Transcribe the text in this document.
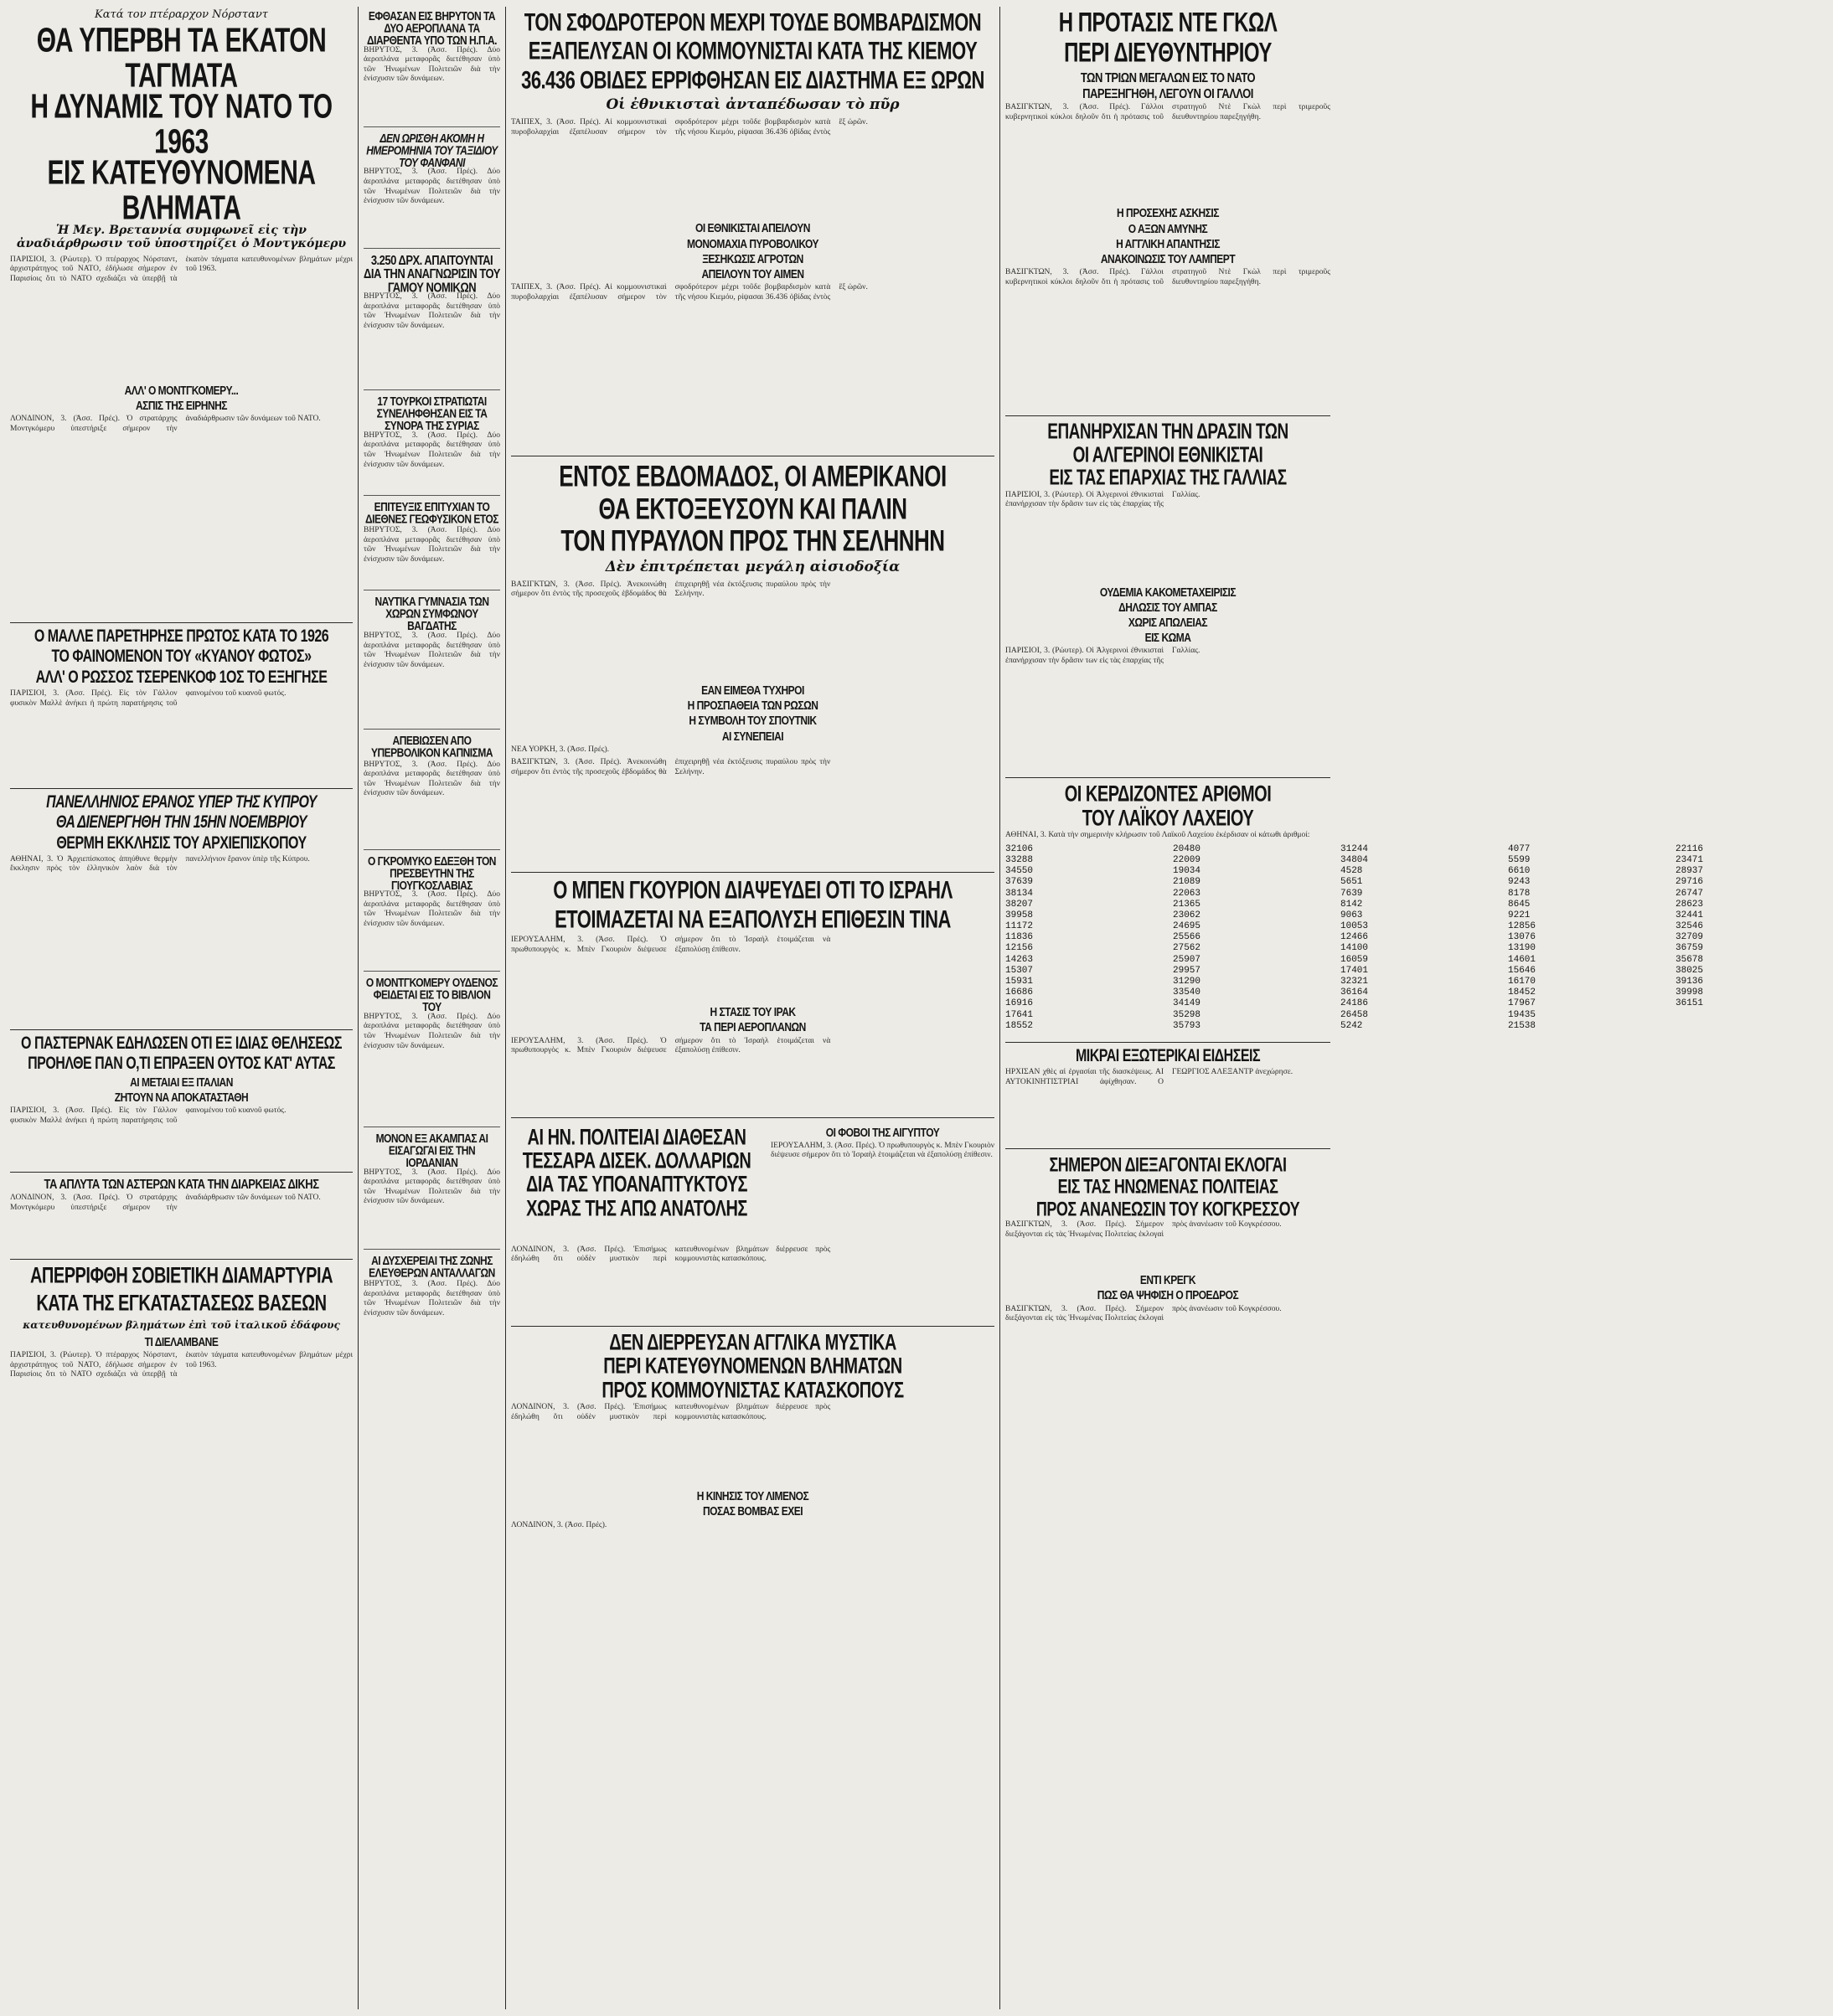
Κατά τον πτέραρχον Νόρσταντ
ΘΑ ΥΠΕΡΒΗ ΤΑ ΕΚΑΤΟΝ ΤΑΓΜΑΤΑ
Η ΔΥΝΑΜΙΣ ΤΟΥ ΝΑΤΟ ΤΟ 1963
ΕΙΣ ΚΑΤΕΥΘΥΝΟΜΕΝΑ ΒΛΗΜΑΤΑ
Ἡ Μεγ. Βρεταννία συμφωνεῖ εἰς τὴν ἀναδιάρθρωσιν τοῦ ὑποστηρίζει ὁ Μοντγκόμερυ
ΠΑΡΙΣΙΟΙ, 3. (Ρώυτερ). Ὁ πτέραρχος Νόρσταντ, ἀρχιστράτηγος τοῦ ΝΑΤΟ, ἐδήλωσε σήμερον ἐν Παρισίοις ὅτι τὸ ΝΑΤΟ σχεδιάζει νὰ ὑπερβῇ τὰ ἑκατὸν τάγματα κατευθυνομένων βλημάτων μέχρι τοῦ 1963.
ΑΛΛ' Ο ΜΟΝΤΓΚΟΜΕΡΥ...
ΑΣΠΙΣ ΤΗΣ ΕΙΡΗΝΗΣ
ΛΟΝΔΙΝΟΝ, 3. (Ἀσσ. Πρές). Ὁ στρατάρχης Μοντγκόμερυ ὑπεστήριξε σήμερον τὴν ἀναδιάρθρωσιν τῶν δυνάμεων τοῦ ΝΑΤΟ.
Ο ΜΑΛΛΕ ΠΑΡΕΤΗΡΗΣΕ ΠΡΩΤΟΣ ΚΑΤΑ ΤΟ 1926
ΤΟ ΦΑΙΝΟΜΕΝΟΝ ΤΟΥ «ΚΥΑΝΟΥ ΦΩΤΟΣ»
ΑΛΛ' Ο ΡΩΣΣΟΣ ΤΣΕΡΕΝΚΟΦ 1ΟΣ ΤΟ ΕΞΗΓΗΣΕ
ΠΑΡΙΣΙΟΙ, 3. (Ἀσσ. Πρές). Εἰς τὸν Γάλλον φυσικὸν Μαλλὲ ἀνήκει ἡ πρώτη παρατήρησις τοῦ φαινομένου τοῦ κυανοῦ φωτός.
ΠΑΝΕΛΛΗΝΙΟΣ ΕΡΑΝΟΣ ΥΠΕΡ ΤΗΣ ΚΥΠΡΟΥ
ΘΑ ΔΙΕΝΕΡΓΗΘΗ ΤΗΝ 15ΗΝ ΝΟΕΜΒΡΙΟΥ
ΘΕΡΜΗ ΕΚΚΛΗΣΙΣ ΤΟΥ ΑΡΧΙΕΠΙΣΚΟΠΟΥ
ΑΘΗΝΑΙ, 3. Ὁ Ἀρχιεπίσκοπος ἀπηύθυνε θερμὴν ἔκκλησιν πρὸς τὸν ἑλληνικὸν λαὸν διὰ τὸν πανελλήνιον ἔρανον ὑπὲρ τῆς Κύπρου.
Ο ΠΑΣΤΕΡΝΑΚ ΕΔΗΛΩΣΕΝ ΟΤΙ ΕΞ ΙΔΙΑΣ ΘΕΛΗΣΕΩΣ
ΠΡΟΗΛΘΕ ΠΑΝ Ο,ΤΙ ΕΠΡΑΞΕΝ ΟΥΤΟΣ ΚΑΤ' ΑΥΤΑΣ
ΑΙ ΜΕΤΑΙΑΙ ΕΞ ΙΤΑΛΙΑΝ
ΖΗΤΟΥΝ ΝΑ ΑΠΟΚΑΤΑΣΤΑΘΗ
ΠΑΡΙΣΙΟΙ, 3. (Ἀσσ. Πρές). Εἰς τὸν Γάλλον φυσικὸν Μαλλὲ ἀνήκει ἡ πρώτη παρατήρησις τοῦ φαινομένου τοῦ κυανοῦ φωτός.
ΤΑ ΑΠΛΥΤΑ ΤΩΝ ΑΣΤΕΡΩΝ ΚΑΤΑ ΤΗΝ ΔΙΑΡΚΕΙΑΣ ΔΙΚΗΣ
ΛΟΝΔΙΝΟΝ, 3. (Ἀσσ. Πρές). Ὁ στρατάρχης Μοντγκόμερυ ὑπεστήριξε σήμερον τὴν ἀναδιάρθρωσιν τῶν δυνάμεων τοῦ ΝΑΤΟ.
ΑΠΕΡΡΙΦΘΗ ΣΟΒΙΕΤΙΚΗ ΔΙΑΜΑΡΤΥΡΙΑ
ΚΑΤΑ ΤΗΣ ΕΓΚΑΤΑΣΤΑΣΕΩΣ ΒΑΣΕΩΝ
κατευθυνομένων βλημάτων ἐπὶ τοῦ ἰταλικοῦ ἐδάφους
ΤΙ ΔΙΕΛΑΜΒΑΝΕ
ΠΑΡΙΣΙΟΙ, 3. (Ρώυτερ). Ὁ πτέραρχος Νόρσταντ, ἀρχιστράτηγος τοῦ ΝΑΤΟ, ἐδήλωσε σήμερον ἐν Παρισίοις ὅτι τὸ ΝΑΤΟ σχεδιάζει νὰ ὑπερβῇ τὰ ἑκατὸν τάγματα κατευθυνομένων βλημάτων μέχρι τοῦ 1963.
ΕΦΘΑΣΑΝ ΕΙΣ ΒΗΡΥΤΟΝ ΤΑ ΔΥΟ ΑΕΡΟΠΛΑΝΑ ΤΑ ΔΙΑΡΘΕΝΤΑ ΥΠΟ ΤΩΝ Η.Π.Α.
ΒΗΡΥΤΟΣ, 3. (Ἀσσ. Πρές). Δύο ἀεροπλάνα μεταφορᾶς διετέθησαν ὑπὸ τῶν Ἡνωμένων Πολιτειῶν διὰ τὴν ἐνίσχυσιν τῶν δυνάμεων.
ΔΕΝ ΩΡΙΣΘΗ ΑΚΟΜΗ Η ΗΜΕΡΟΜΗΝΙΑ ΤΟΥ ΤΑΞΙΔΙΟΥ ΤΟΥ ΦΑΝΦΑΝΙ
ΒΗΡΥΤΟΣ, 3. (Ἀσσ. Πρές). Δύο ἀεροπλάνα μεταφορᾶς διετέθησαν ὑπὸ τῶν Ἡνωμένων Πολιτειῶν διὰ τὴν ἐνίσχυσιν τῶν δυνάμεων.
3.250 ΔΡΧ. ΑΠΑΙΤΟΥΝΤΑΙ ΔΙΑ ΤΗΝ ΑΝΑΓΝΩΡΙΣΙΝ ΤΟΥ ΓΑΜΟΥ ΝΟΜΙΚΩΝ
ΒΗΡΥΤΟΣ, 3. (Ἀσσ. Πρές). Δύο ἀεροπλάνα μεταφορᾶς διετέθησαν ὑπὸ τῶν Ἡνωμένων Πολιτειῶν διὰ τὴν ἐνίσχυσιν τῶν δυνάμεων.
17 ΤΟΥΡΚΟΙ ΣΤΡΑΤΙΩΤΑΙ ΣΥΝΕΛΗΦΘΗΣΑΝ ΕΙΣ ΤΑ ΣΥΝΟΡΑ ΤΗΣ ΣΥΡΙΑΣ
ΒΗΡΥΤΟΣ, 3. (Ἀσσ. Πρές). Δύο ἀεροπλάνα μεταφορᾶς διετέθησαν ὑπὸ τῶν Ἡνωμένων Πολιτειῶν διὰ τὴν ἐνίσχυσιν τῶν δυνάμεων.
ΕΠΙΤΕΥΞΙΣ ΕΠΙΤΥΧΙΑΝ ΤΟ ΔΙΕΘΝΕΣ ΓΕΩΦΥΣΙΚΟΝ ΕΤΟΣ
ΒΗΡΥΤΟΣ, 3. (Ἀσσ. Πρές). Δύο ἀεροπλάνα μεταφορᾶς διετέθησαν ὑπὸ τῶν Ἡνωμένων Πολιτειῶν διὰ τὴν ἐνίσχυσιν τῶν δυνάμεων.
ΝΑΥΤΙΚΑ ΓΥΜΝΑΣΙΑ ΤΩΝ ΧΩΡΩΝ ΣΥΜΦΩΝΟΥ ΒΑΓΔΑΤΗΣ
ΒΗΡΥΤΟΣ, 3. (Ἀσσ. Πρές). Δύο ἀεροπλάνα μεταφορᾶς διετέθησαν ὑπὸ τῶν Ἡνωμένων Πολιτειῶν διὰ τὴν ἐνίσχυσιν τῶν δυνάμεων.
ΑΠΕΒΙΩΣΕΝ ΑΠΟ ΥΠΕΡΒΟΛΙΚΟΝ ΚΑΠΝΙΣΜΑ
ΒΗΡΥΤΟΣ, 3. (Ἀσσ. Πρές). Δύο ἀεροπλάνα μεταφορᾶς διετέθησαν ὑπὸ τῶν Ἡνωμένων Πολιτειῶν διὰ τὴν ἐνίσχυσιν τῶν δυνάμεων.
Ο ΓΚΡΟΜΥΚΟ ΕΔΕΞΘΗ ΤΟΝ ΠΡΕΣΒΕΥΤΗΝ ΤΗΣ ΓΙΟΥΓΚΟΣΛΑΒΙΑΣ
ΒΗΡΥΤΟΣ, 3. (Ἀσσ. Πρές). Δύο ἀεροπλάνα μεταφορᾶς διετέθησαν ὑπὸ τῶν Ἡνωμένων Πολιτειῶν διὰ τὴν ἐνίσχυσιν τῶν δυνάμεων.
Ο ΜΟΝΤΓΚΟΜΕΡΥ ΟΥΔΕΝΟΣ ΦΕΙΔΕΤΑΙ ΕΙΣ ΤΟ ΒΙΒΛΙΟΝ ΤΟΥ
ΒΗΡΥΤΟΣ, 3. (Ἀσσ. Πρές). Δύο ἀεροπλάνα μεταφορᾶς διετέθησαν ὑπὸ τῶν Ἡνωμένων Πολιτειῶν διὰ τὴν ἐνίσχυσιν τῶν δυνάμεων.
ΜΟΝΟΝ ΕΞ ΑΚΑΜΠΑΣ ΑΙ ΕΙΣΑΓΩΓΑΙ ΕΙΣ ΤΗΝ ΙΟΡΔΑΝΙΑΝ
ΒΗΡΥΤΟΣ, 3. (Ἀσσ. Πρές). Δύο ἀεροπλάνα μεταφορᾶς διετέθησαν ὑπὸ τῶν Ἡνωμένων Πολιτειῶν διὰ τὴν ἐνίσχυσιν τῶν δυνάμεων.
ΑΙ ΔΥΣΧΕΡΕΙΑΙ ΤΗΣ ΖΩΝΗΣ ΕΛΕΥΘΕΡΩΝ ΑΝΤΑΛΛΑΓΩΝ
ΒΗΡΥΤΟΣ, 3. (Ἀσσ. Πρές). Δύο ἀεροπλάνα μεταφορᾶς διετέθησαν ὑπὸ τῶν Ἡνωμένων Πολιτειῶν διὰ τὴν ἐνίσχυσιν τῶν δυνάμεων.
ΤΟΝ ΣΦΟΔΡΟΤΕΡΟΝ ΜΕΧΡΙ ΤΟΥΔΕ ΒΟΜΒΑΡΔΙΣΜΟΝ
ΕΞΑΠΕΛΥΣΑΝ ΟΙ ΚΟΜΜΟΥΝΙΣΤΑΙ ΚΑΤΑ ΤΗΣ ΚΙΕΜΟΥ
36.436 ΟΒΙΔΕΣ ΕΡΡΙΦΘΗΣΑΝ ΕΙΣ ΔΙΑΣΤΗΜΑ ΕΞ ΩΡΩΝ
Οἱ ἐθνικισταὶ ἀνταπέδωσαν τὸ πῦρ
ΤΑΙΠΕΧ, 3. (Ἀσσ. Πρές). Αἱ κομμουνιστικαὶ πυροβολαρχίαι ἐξαπέλυσαν σήμερον τὸν σφοδρότερον μέχρι τοῦδε βομβαρδισμὸν κατὰ τῆς νήσου Κιεμόυ, ρίψασαι 36.436 ὀβίδας ἐντὸς ἓξ ὡρῶν.
ΟΙ ΕΘΝΙΚΙΣΤΑΙ ΑΠΕΙΛΟΥΝ
ΜΟΝΟΜΑΧΙΑ ΠΥΡΟΒΟΛΙΚΟΥ
ΞΕΣΗΚΩΣΙΣ ΑΓΡΟΤΩΝ
ΑΠΕΙΛΟΥΝ ΤΟΥ ΑΙΜΕΝ
ΤΑΙΠΕΧ, 3. (Ἀσσ. Πρές). Αἱ κομμουνιστικαὶ πυροβολαρχίαι ἐξαπέλυσαν σήμερον τὸν σφοδρότερον μέχρι τοῦδε βομβαρδισμὸν κατὰ τῆς νήσου Κιεμόυ, ρίψασαι 36.436 ὀβίδας ἐντὸς ἓξ ὡρῶν.
ΕΝΤΟΣ ΕΒΔΟΜΑΔΟΣ, ΟΙ ΑΜΕΡΙΚΑΝΟΙ
ΘΑ ΕΚΤΟΞΕΥΣΟΥΝ ΚΑΙ ΠΑΛΙΝ
ΤΟΝ ΠΥΡΑΥΛΟΝ ΠΡΟΣ ΤΗΝ ΣΕΛΗΝΗΝ
Δὲν ἐπιτρέπεται μεγάλη αἰσιοδοξία
ΒΑΣΙΓΚΤΩΝ, 3. (Ἀσσ. Πρές). Ἀνεκοινώθη σήμερον ὅτι ἐντὸς τῆς προσεχοῦς ἑβδομάδος θὰ ἐπιχειρηθῇ νέα ἐκτόξευσις πυραύλου πρὸς τὴν Σελήνην.
ΕΑΝ ΕΙΜΕΘΑ ΤΥΧΗΡΟΙ
Η ΠΡΟΣΠΑΘΕΙΑ ΤΩΝ ΡΩΣΩΝ
Η ΣΥΜΒΟΛΗ ΤΟΥ ΣΠΟΥΤΝΙΚ
ΑΙ ΣΥΝΕΠΕΙΑΙ
ΝΕΑ ΥΟΡΚΗ, 3. (Ἀσσ. Πρές).
ΒΑΣΙΓΚΤΩΝ, 3. (Ἀσσ. Πρές). Ἀνεκοινώθη σήμερον ὅτι ἐντὸς τῆς προσεχοῦς ἑβδομάδος θὰ ἐπιχειρηθῇ νέα ἐκτόξευσις πυραύλου πρὸς τὴν Σελήνην.
Ο ΜΠΕΝ ΓΚΟΥΡΙΟΝ ΔΙΑΨΕΥΔΕΙ ΟΤΙ ΤΟ ΙΣΡΑΗΛ
ΕΤΟΙΜΑΖΕΤΑΙ ΝΑ ΕΞΑΠΟΛΥΣΗ ΕΠΙΘΕΣΙΝ ΤΙΝΑ
ΙΕΡΟΥΣΑΛΗΜ, 3. (Ἀσσ. Πρές). Ὁ πρωθυπουργὸς κ. Μπὲν Γκουριὸν διέψευσε σήμερον ὅτι τὸ Ἰσραὴλ ἑτοιμάζεται νὰ ἐξαπολύσῃ ἐπίθεσιν.
Η ΣΤΑΣΙΣ ΤΟΥ ΙΡΑΚ
ΤΑ ΠΕΡΙ ΑΕΡΟΠΛΑΝΩΝ
ΙΕΡΟΥΣΑΛΗΜ, 3. (Ἀσσ. Πρές). Ὁ πρωθυπουργὸς κ. Μπὲν Γκουριὸν διέψευσε σήμερον ὅτι τὸ Ἰσραὴλ ἑτοιμάζεται νὰ ἐξαπολύσῃ ἐπίθεσιν.
ΑΙ ΗΝ. ΠΟΛΙΤΕΙΑΙ ΔΙΑΘΕΣΑΝ
ΤΕΣΣΑΡΑ ΔΙΣΕΚ. ΔΟΛΛΑΡΙΩΝ
ΔΙΑ ΤΑΣ ΥΠΟΑΝΑΠΤΥΚΤΟΥΣ
ΧΩΡΑΣ ΤΗΣ ΑΠΩ ΑΝΑΤΟΛΗΣ
ΟΙ ΦΟΒΟΙ ΤΗΣ ΑΙΓΥΠΤΟΥ
ΙΕΡΟΥΣΑΛΗΜ, 3. (Ἀσσ. Πρές). Ὁ πρωθυπουργὸς κ. Μπὲν Γκουριὸν διέψευσε σήμερον ὅτι τὸ Ἰσραὴλ ἑτοιμάζεται νὰ ἐξαπολύσῃ ἐπίθεσιν.
ΛΟΝΔΙΝΟΝ, 3. (Ἀσσ. Πρές). Ἐπισήμως ἐδηλώθη ὅτι οὐδὲν μυστικὸν περὶ κατευθυνομένων βλημάτων διέρρευσε πρὸς κομμουνιστὰς κατασκόπους.
ΔΕΝ ΔΙΕΡΡΕΥΣΑΝ ΑΓΓΛΙΚΑ ΜΥΣΤΙΚΑ
ΠΕΡΙ ΚΑΤΕΥΘΥΝΟΜΕΝΩΝ ΒΛΗΜΑΤΩΝ
ΠΡΟΣ ΚΟΜΜΟΥΝΙΣΤΑΣ ΚΑΤΑΣΚΟΠΟΥΣ
ΛΟΝΔΙΝΟΝ, 3. (Ἀσσ. Πρές). Ἐπισήμως ἐδηλώθη ὅτι οὐδὲν μυστικὸν περὶ κατευθυνομένων βλημάτων διέρρευσε πρὸς κομμουνιστὰς κατασκόπους.
Η ΚΙΝΗΣΙΣ ΤΟΥ ΛΙΜΕΝΟΣ
ΠΟΣΑΣ ΒΟΜΒΑΣ ΕΧΕΙ
ΛΟΝΔΙΝΟΝ, 3. (Ἀσσ. Πρές).
Η ΠΡΟΤΑΣΙΣ ΝΤΕ ΓΚΩΛ
ΠΕΡΙ ΔΙΕΥΘΥΝΤΗΡΙΟΥ
ΤΩΝ ΤΡΙΩΝ ΜΕΓΑΛΩΝ ΕΙΣ ΤΟ ΝΑΤΟ
ΠΑΡΕΞΗΓΗΘΗ, ΛΕΓΟΥΝ ΟΙ ΓΑΛΛΟΙ
ΒΑΣΙΓΚΤΩΝ, 3. (Ἀσσ. Πρές). Γάλλοι κυβερνητικοὶ κύκλοι δηλοῦν ὅτι ἡ πρότασις τοῦ στρατηγοῦ Ντὲ Γκὼλ περὶ τριμεροῦς διευθυντηρίου παρεξηγήθη.
Η ΠΡΟΣΕΧΗΣ ΑΣΚΗΣΙΣ
Ο ΑΞΩΝ ΑΜΥΝΗΣ
Η ΑΓΓΛΙΚΗ ΑΠΑΝΤΗΣΙΣ
ΑΝΑΚΟΙΝΩΣΙΣ ΤΟΥ ΛΑΜΠΕΡΤ
ΒΑΣΙΓΚΤΩΝ, 3. (Ἀσσ. Πρές). Γάλλοι κυβερνητικοὶ κύκλοι δηλοῦν ὅτι ἡ πρότασις τοῦ στρατηγοῦ Ντὲ Γκὼλ περὶ τριμεροῦς διευθυντηρίου παρεξηγήθη.
ΕΠΑΝΗΡΧΙΣΑΝ ΤΗΝ ΔΡΑΣΙΝ ΤΩΝ
ΟΙ ΑΛΓΕΡΙΝΟΙ ΕΘΝΙΚΙΣΤΑΙ
ΕΙΣ ΤΑΣ ΕΠΑΡΧΙΑΣ ΤΗΣ ΓΑΛΛΙΑΣ
ΠΑΡΙΣΙΟΙ, 3. (Ρώυτερ). Οἱ Ἀλγερινοὶ ἐθνικισταὶ ἐπανήρχισαν τὴν δρᾶσιν των εἰς τὰς ἐπαρχίας τῆς Γαλλίας.
ΟΥΔΕΜΙΑ ΚΑΚΟΜΕΤΑΧΕΙΡΙΣΙΣ
ΔΗΛΩΣΙΣ ΤΟΥ ΑΜΠΑΣ
ΧΩΡΙΣ ΑΠΩΛΕΙΑΣ
ΕΙΣ ΚΩΜΑ
ΠΑΡΙΣΙΟΙ, 3. (Ρώυτερ). Οἱ Ἀλγερινοὶ ἐθνικισταὶ ἐπανήρχισαν τὴν δρᾶσιν των εἰς τὰς ἐπαρχίας τῆς Γαλλίας.
ΟΙ ΚΕΡΔΙΖΟΝΤΕΣ ΑΡΙΘΜΟΙ
ΤΟΥ ΛΑΪΚΟΥ ΛΑΧΕΙΟΥ
ΑΘΗΝΑΙ, 3. Κατὰ τὴν σημερινὴν κλήρωσιν τοῦ Λαϊκοῦ Λαχείου ἐκέρδισαν οἱ κάτωθι ἀριθμοί:
32106
33288
34550
37639
38134
38207
39958
11172
11836
12156
14263
15307
15931
16686
16916
17641
18552
20480
22009
19034
21089
22063
21365
23062
24695
25566
27562
25907
29957
31290
33540
34149
35298
35793
31244
34804
4528
5651
7639
8142
9063
10053
12466
14100
16059
17401
32321
36164
24186
26458
5242
4077
5599
6610
9243
8178
8645
9221
12856
13076
13190
14601
15646
16170
18452
17967
19435
21538
22116
23471
28937
29716
26747
28623
32441
32546
32709
36759
35678
38025
39136
39998
36151
ΜΙΚΡΑΙ ΕΞΩΤΕΡΙΚΑΙ ΕΙΔΗΣΕΙΣ
ΗΡΧΙΣΑΝ χθὲς αἱ ἐργασίαι τῆς διασκέψεως. ΑΙ ΑΥΤΟΚΙΝΗΤΙΣΤΡΙΑΙ ἀφίχθησαν. Ο ΓΕΩΡΓΙΟΣ ΑΛΕΞΑΝΤΡ ἀνεχώρησε.
ΣΗΜΕΡΟΝ ΔΙΕΞΑΓΟΝΤΑΙ ΕΚΛΟΓΑΙ
ΕΙΣ ΤΑΣ ΗΝΩΜΕΝΑΣ ΠΟΛΙΤΕΙΑΣ
ΠΡΟΣ ΑΝΑΝΕΩΣΙΝ ΤΟΥ ΚΟΓΚΡΕΣΣΟΥ
ΒΑΣΙΓΚΤΩΝ, 3. (Ἀσσ. Πρές). Σήμερον διεξάγονται εἰς τὰς Ἡνωμένας Πολιτείας ἐκλογαὶ πρὸς ἀνανέωσιν τοῦ Κογκρέσσου.
ΕΝΤΙ ΚΡΕΓΚ
ΠΩΣ ΘΑ ΨΗΦΙΣΗ Ο ΠΡΟΕΔΡΟΣ
ΒΑΣΙΓΚΤΩΝ, 3. (Ἀσσ. Πρές). Σήμερον διεξάγονται εἰς τὰς Ἡνωμένας Πολιτείας ἐκλογαὶ πρὸς ἀνανέωσιν τοῦ Κογκρέσσου.
